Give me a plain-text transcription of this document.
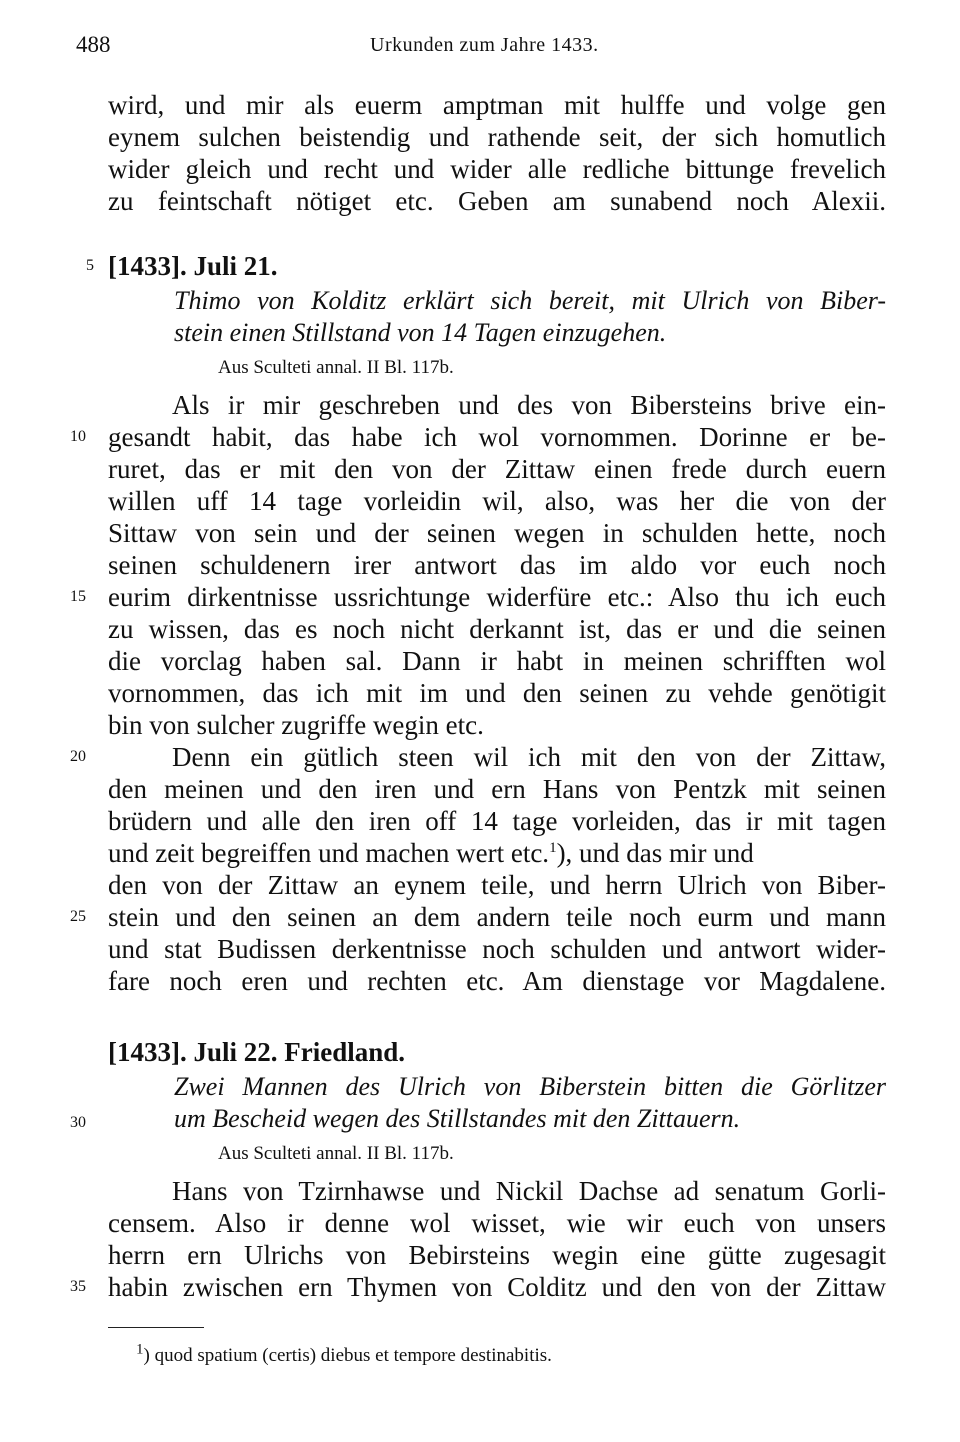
488	Urkunden zum Jahre 1433.
wird, und mir als euerm amptman mit hulffe und volge gen
eynem sulchen beistendig und rathende seit, der sich homutlich
wider gleich und recht und wider alle redliche bittunge frevelich
zu feintschaft nötiget etc. Geben am sunabend noch Alexii.
[1433]. Juli 21.
Thimo von Kolditz erklärt sich bereit, mit Ulrich von Biber-
stein einen Stillstand von 14 Tagen einzugehen.
Aus Sculteti annal. II Bl. 117b.
Als ir mir geschreben und des von Bibersteins brive ein-
gesandt habit, das habe ich wol vornommen. Dorinne er be-
ruret, das er mit den von der Zittaw einen frede durch euern
willen uff 14 tage vorleidin wil, also, was her die von der
Sittaw von sein und der seinen wegen in schulden hette, noch
seinen schuldenern irer antwort das im aldo vor euch noch
eurim dirkentnisse ussrichtunge widerfüre etc.: Also thu ich euch
zu wissen, das es noch nicht derkannt ist, das er und die seinen
die vorclag haben sal. Dann ir habt in meinen schrifften wol
vornommen, das ich mit im und den seinen zu vehde genötigit
bin von sulcher zugriffe wegin etc.
Denn ein gütlich steen wil ich mit den von der Zittaw,
den meinen und den iren und ern Hans von Pentzk mit seinen
brüdern und alle den iren off 14 tage vorleiden, das ir mit tagen
und zeit begreiffen und machen wert etc.$^1$), und das mir und
den von der Zittaw an eynem teile, und herrn Ulrich von Biber-
stein und den seinen an dem andern teile noch eurm und mann
und stat Budissen derkentnisse noch schulden und antwort wider-
fare noch eren und rechten etc. Am dienstage vor Magdalene.
[1433]. Juli 22. Friedland.
Zwei Mannen des Ulrich von Biberstein bitten die Görlitzer
um Bescheid wegen des Stillstandes mit den Zittauern.
Aus Sculteti annal. II Bl. 117b.
Hans von Tzirnhawse und Nickil Dachse ad senatum Gorli-
censem. Also ir denne wol wisset, wie wir euch von unsers
herrn ern Ulrichs von Bebirsteins wegin eine gütte zugesagit
habin zwischen ern Thymen von Colditz und den von der Zittaw
5
10
15
20
25
30
35
$^1$) quod spatium (certis) diebus et tempore destinabitis.
